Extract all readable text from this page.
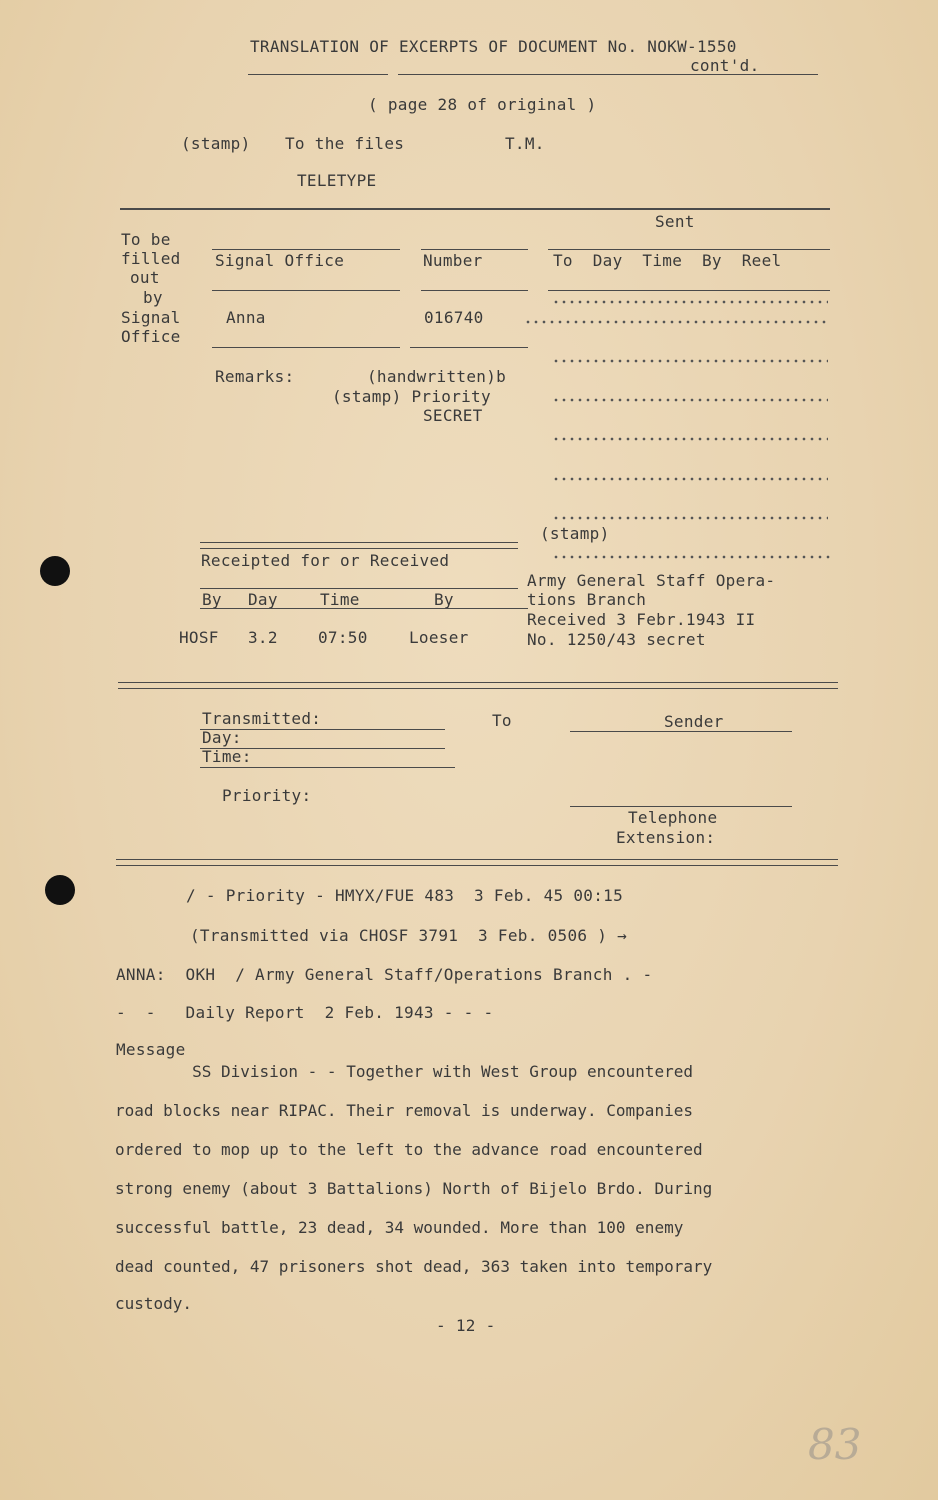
TRANSLATION OF EXCERPTS OF DOCUMENT No. NOKW-1550
cont'd.
( page 28 of original )
(stamp) To the files	T.M.
TELETYPE
Sent
To be
filled
out
by
Signal
Office
Signal Office	Number	To  Day  Time  By  Reel
Anna	016740
Remarks:	(handwritten)b
(stamp) Priority
SECRET
(stamp)
Receipted for or Received
By Day	Time	By
HOSF 3.2	07:50	Loeser
Army General Staff Opera-
tions Branch
Received 3 Febr.1943 II
No. 1250/43 secret
Transmitted:
Day:
Time:
To	Sender
Priority:
Telephone
Extension:
∕ - Priority - HMYX/FUE 483  3 Feb. 45 00:15
(Transmitted via CHOSF 3791  3 Feb. 0506 ) →
ANNA:  OKH  / Army General Staff/Operations Branch . -
-  -   Daily Report  2 Feb. 1943 - - -
Message
SS Division - - Together with West Group encountered
road blocks near RIPAC. Their removal is underway. Companies
ordered to mop up to the left to the advance road encountered
strong enemy (about 3 Battalions) North of Bijelo Brdo. During
successful battle, 23 dead, 34 wounded. More than 100 enemy
dead counted, 47 prisoners shot dead, 363 taken into temporary
custody.
- 12 -
83
